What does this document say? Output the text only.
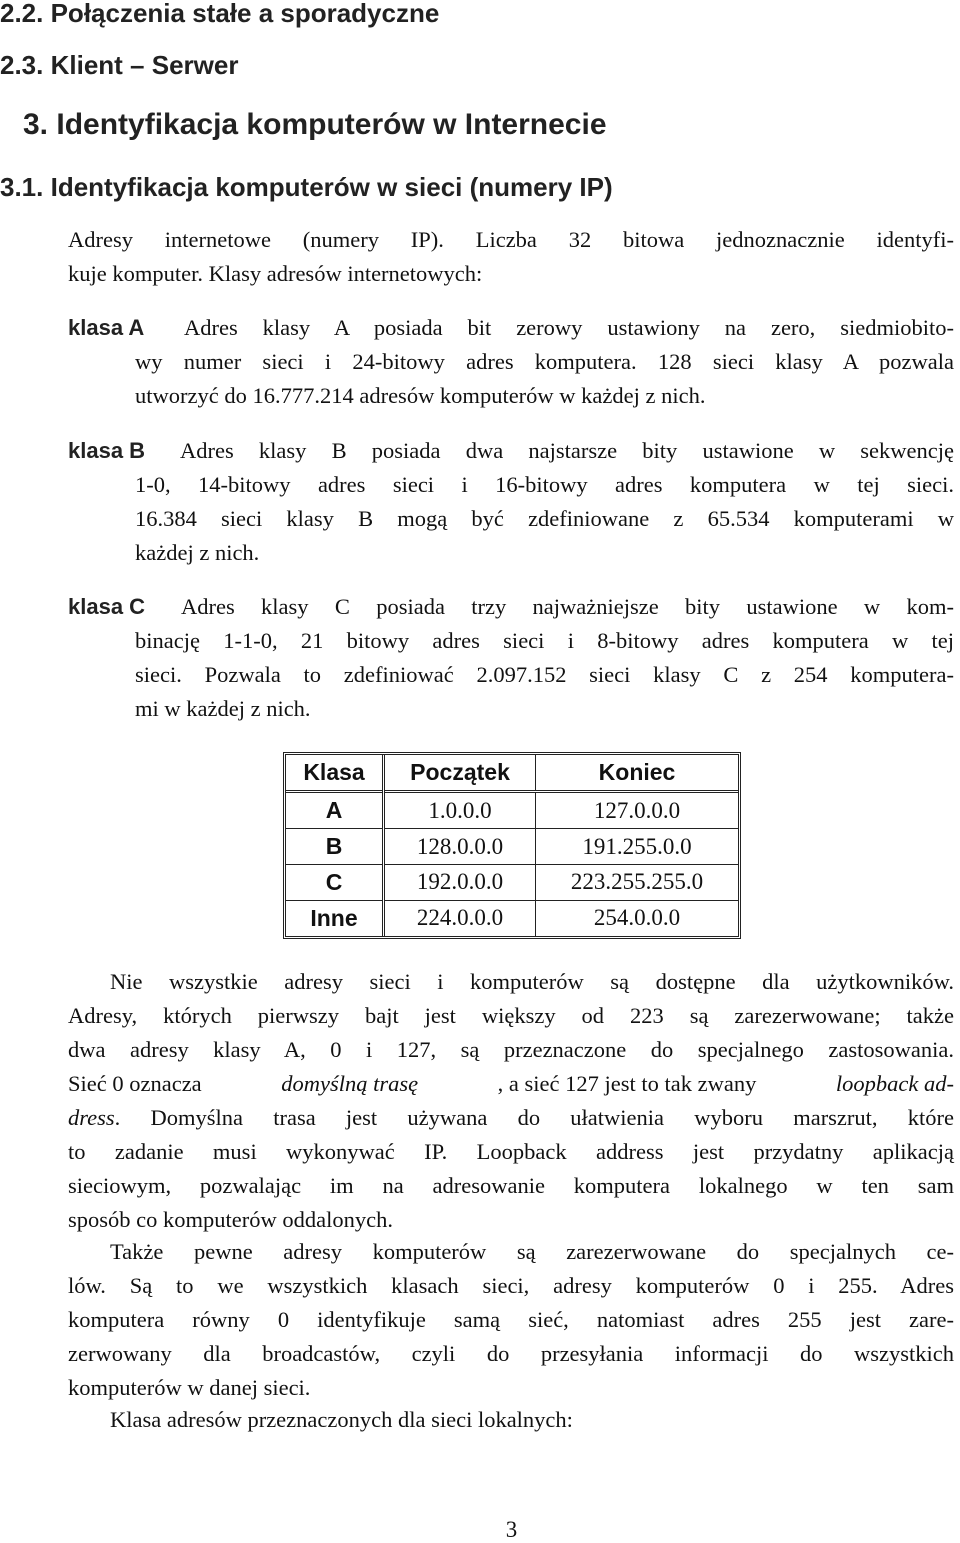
2.2. Połączenia stałe a sporadyczne
2.3. Klient – Serwer
3. Identyfikacja komputerów w Internecie
3.1. Identyfikacja komputerów w sieci (numery IP)
Adresy internetowe (numery IP). Liczba 32 bitowa jednoznacznie identyfi-
kuje komputer. Klasy adresów internetowych:
klasa A Adres klasy A posiada bit zerowy ustawiony na zero, siedmiobito-
wy numer sieci i 24-bitowy adres komputera. 128 sieci klasy A pozwala
utworzyć do 16.777.214 adresów komputerów w każdej z nich.
klasa B Adres klasy B posiada dwa najstarsze bity ustawione w sekwencję
1-0, 14-bitowy adres sieci i 16-bitowy adres komputera w tej sieci.
16.384 sieci klasy B mogą być zdefiniowane z 65.534 komputerami w
każdej z nich.
klasa C Adres klasy C posiada trzy najważniejsze bity ustawione w kom-
binację 1-1-0, 21 bitowy adres sieci i 8-bitowy adres komputera w tej
sieci. Pozwala to zdefiniować 2.097.152 sieci klasy C z 254 komputera-
mi w każdej z nich.
Klasa	Początek	Koniec
A	1.0.0.0	127.0.0.0
B	128.0.0.0	191.255.0.0
C	192.0.0.0	223.255.255.0
Inne	224.0.0.0	254.0.0.0
Nie wszystkie adresy sieci i komputerów są dostępne dla użytkowników.
Adresy, których pierwszy bajt jest większy od 223 są zarezerwowane; także
dwa adresy klasy A, 0 i 127, są przeznaczone do specjalnego zastosowania.
Sieć 0 oznacza	domyślną trasę	, a sieć 127 jest to tak zwany	loopback ad-
dress . Domyślna trasa jest używana do ułatwienia wyboru marszrut, które
to zadanie musi wykonywać IP. Loopback address jest przydatny aplikacją
sieciowym, pozwalając im na adresowanie komputera lokalnego w ten sam
sposób co komputerów oddalonych.
Także pewne adresy komputerów są zarezerwowane do specjalnych ce-
lów. Są to we wszystkich klasach sieci, adresy komputerów 0 i 255. Adres
komputera równy 0 identyfikuje samą sieć, natomiast adres 255 jest zare-
zerwowany dla broadcastów, czyli do przesyłania informacji do wszystkich
komputerów w danej sieci.
Klasa adresów przeznaczonych dla sieci lokalnych:
3
